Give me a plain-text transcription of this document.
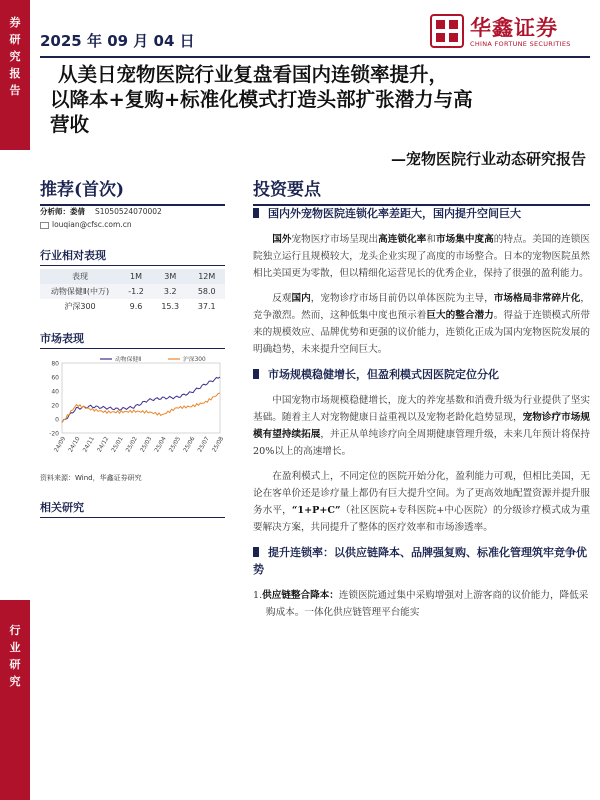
券
研
究
报
告
行
业
研
究
2025 年 09 月 04 日
华鑫证券
CHINA FORTUNE SECURITIES
从美日宠物医院行业复盘看国内连锁率提升，
以降本+复购+标准化模式打造头部扩张潜力与高
营收
—宠物医院行业动态研究报告
推荐(首次)	投资要点
分析师：娄倩 S1050524070002
louqian@cfsc.com.cn
行业相对表现
表现	1M	3M	12M
动物保健Ⅱ(中万)	-1.2	3.2	58.0
沪深300	9.6	15.3	37.1
市场表现
-20
0
20
40
60
80
24/09 24/10 24/11 24/12 25/01 25/02 25/03 25/04 25/05 25/06 25/07 25/08
动物保健Ⅱ	沪深300
资料来源：Wind，华鑫证券研究
相关研究
国内外宠物医院连锁化率差距大，国内提升空间巨大
国外宠物医疗市场呈现出高连锁化率和市场集中度高的特点。美国的连锁医院独立运行且规模较大，龙头企业实现了高度的市场整合。日本的宠物医院虽然相比美国更为零散，但以精细化运营见长的优秀企业，保持了很强的盈利能力。
反观国内，宠物诊疗市场目前仍以单体医院为主导，市场格局非常碎片化，竞争激烈。然而，这种低集中度也预示着巨大的整合潜力。得益于连锁模式所带来的规模效应、品牌优势和更强的议价能力，连锁化正成为国内宠物医院发展的明确趋势，未来提升空间巨大。
市场规模稳健增长，但盈利模式因医院定位分化
中国宠物市场规模稳健增长，庞大的养宠基数和消费升级为行业提供了坚实基础。随着主人对宠物健康日益重视以及宠物老龄化趋势显现，宠物诊疗市场规模有望持续拓展，并正从单纯诊疗向全周期健康管理升级，未来几年预计将保持20%以上的高速增长。
在盈利模式上，不同定位的医院开始分化，盈利能力可观，但相比美国，无论在客单价还是诊疗量上都仍有巨大提升空间。为了更高效地配置资源并提升服务水平，“1+P+C”（社区医院+专科医院+中心医院）的分级诊疗模式成为重要解决方案，共同提升了整体的医疗效率和市场渗透率。
提升连锁率：以供应链降本、品牌强复购、标准化管理筑牢竞争优势
1.供应链整合降本：连锁医院通过集中采购增强对上游客商的议价能力，降低采购成本。一体化供应链管理平台能实
